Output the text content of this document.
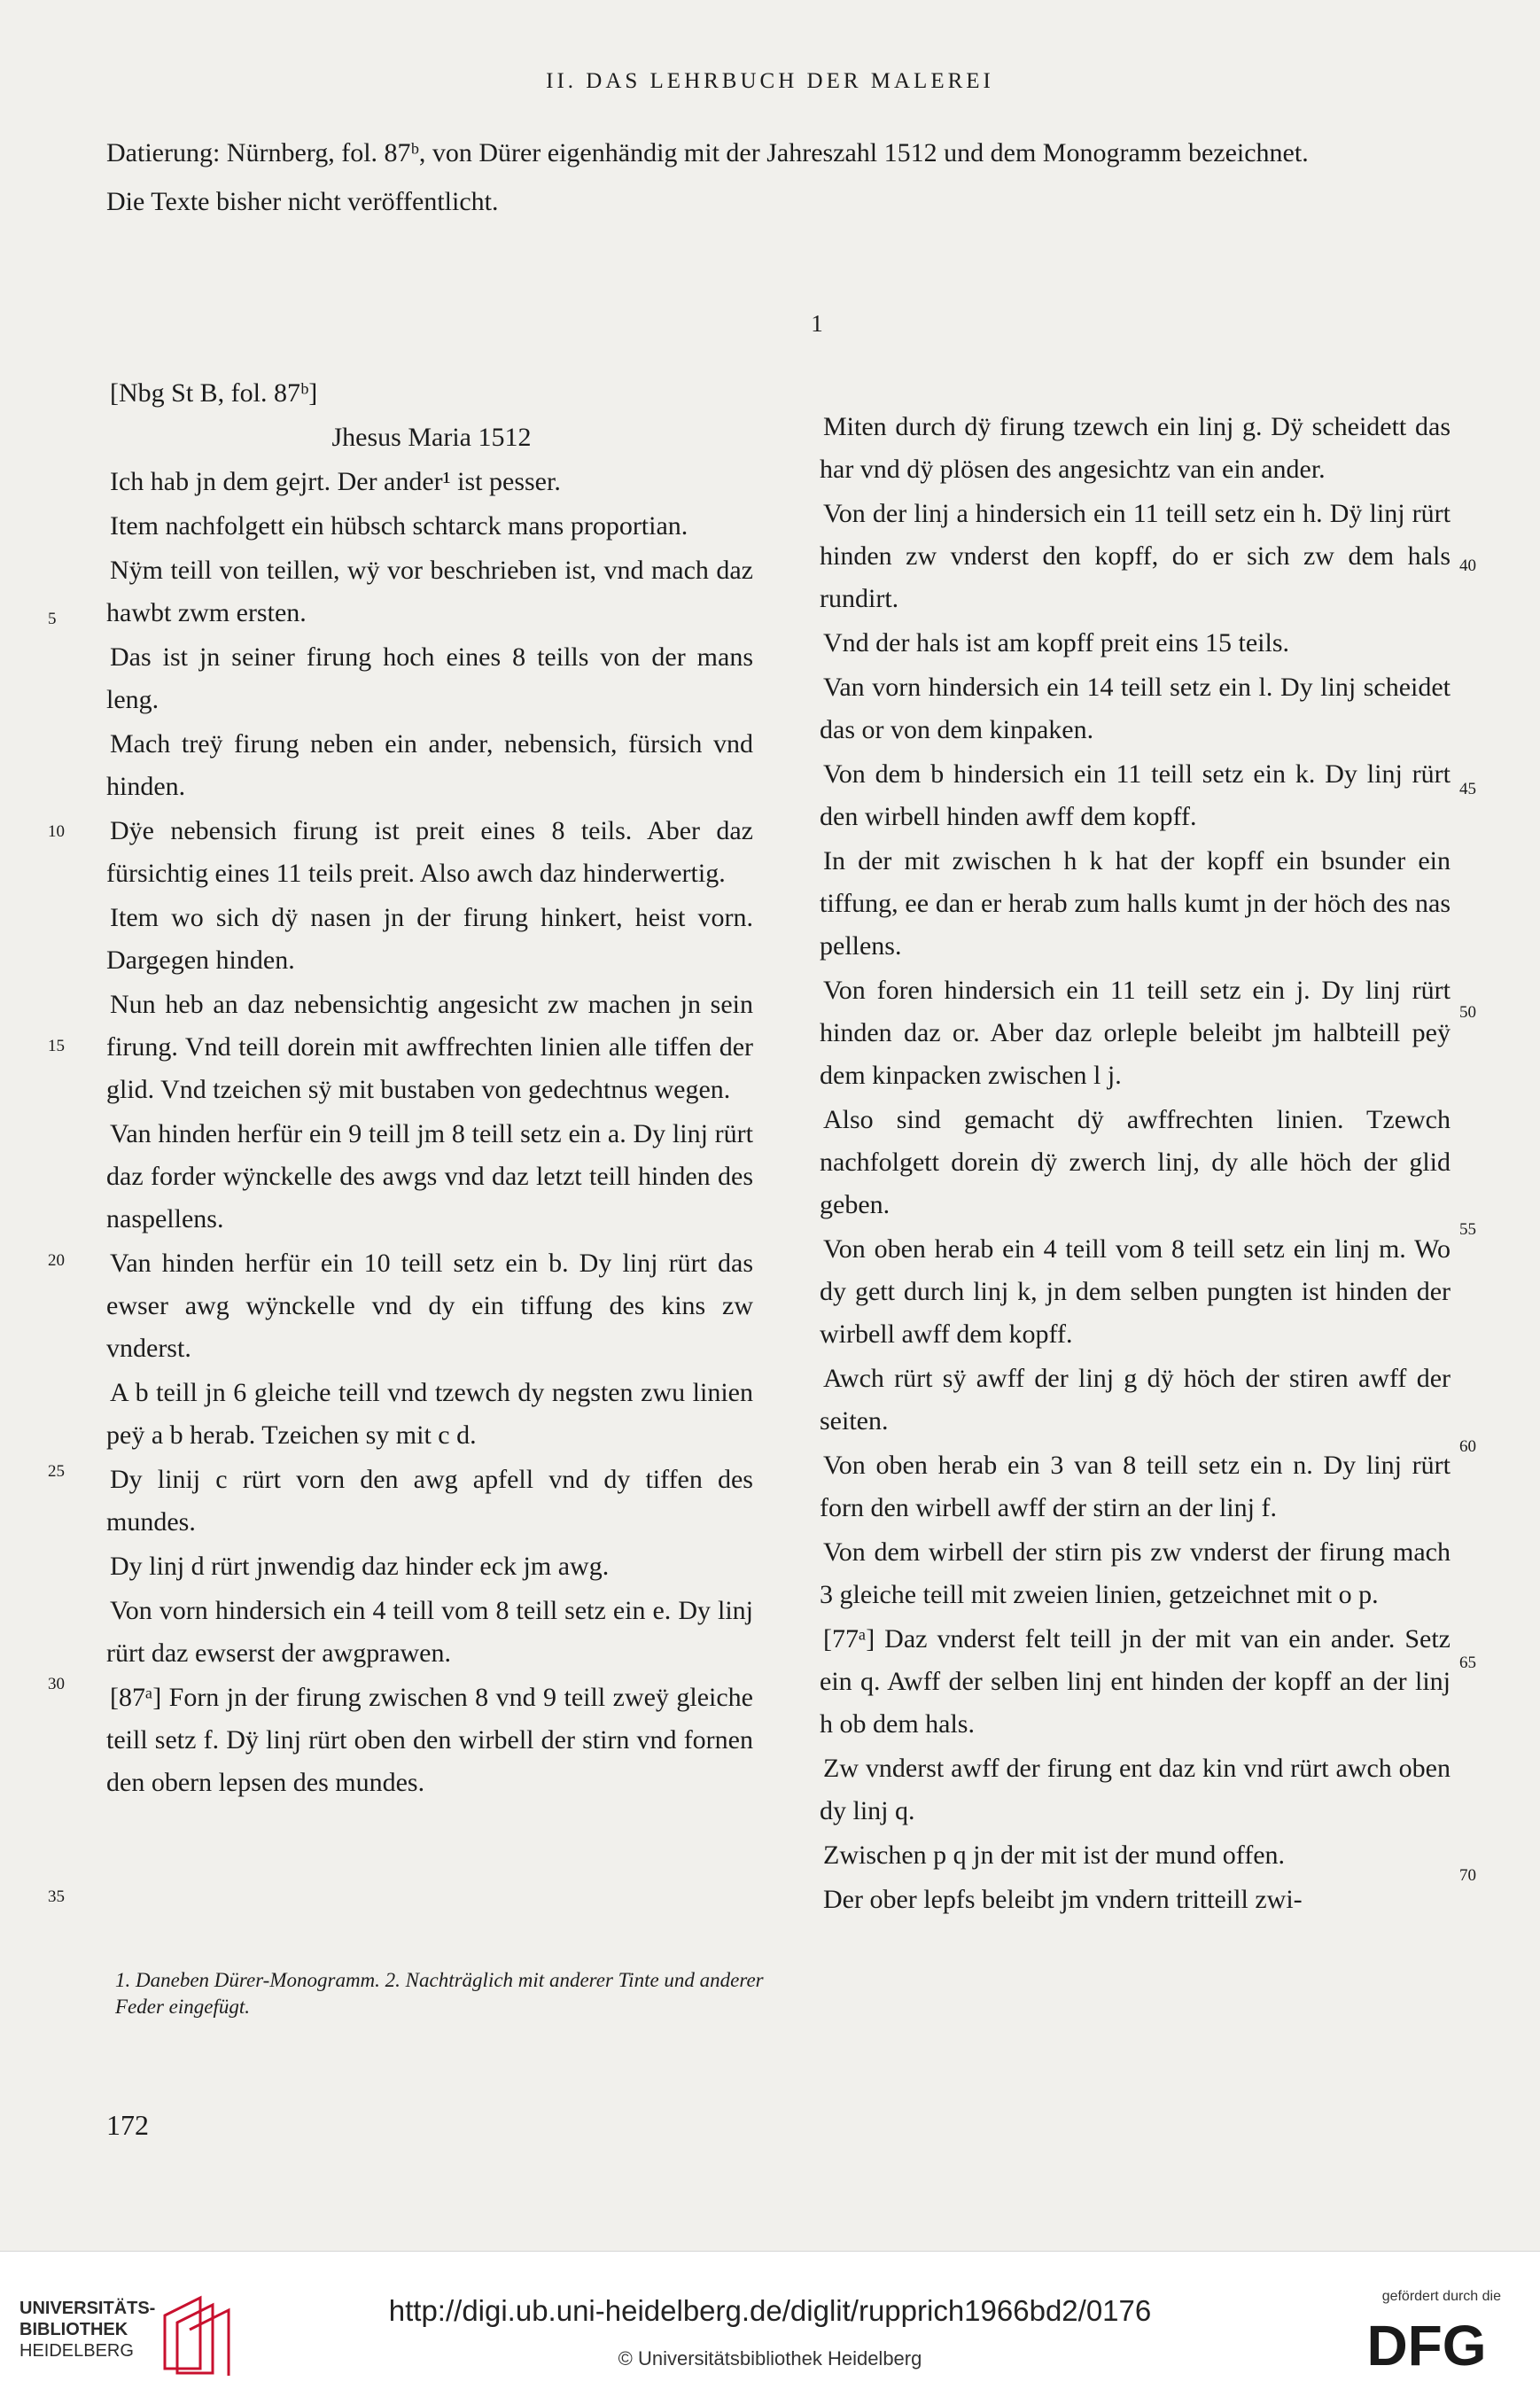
II. DAS LEHRBUCH DER MALEREI

Datierung: Nürnberg, fol. 87ᵇ, von Dürer eigenhändig mit der Jahreszahl 1512 und dem Monogramm bezeichnet.

Die Texte bisher nicht veröffentlicht.

1

[Nbg St B, fol. 87ᵇ]

Jhesus Maria 1512

Ich hab jn dem gejrt. Der ander¹ ist pesser.

Item nachfolgett ein hübsch schtarck mans proportian.

Nÿm teill von teillen, wÿ vor beschrieben ist, vnd mach daz hawbt zwm ersten.

Das ist jn seiner firung hoch eines 8 teills von der mans leng.

Mach treÿ firung neben ein ander, nebensich, fürsich vnd hinden.

Dÿe nebensich firung ist preit eines 8 teils. Aber daz fürsichtig eines 11 teils preit. Also awch daz hinderwertig.

Item wo sich dÿ nasen jn der firung hinkert, heist vorn. Dargegen hinden.

Nun heb an daz nebensichtig angesicht zw machen jn sein firung. Vnd teill dorein mit awffrechten linien alle tiffen der glid. Vnd tzeichen sÿ mit bustaben von gedechtnus wegen.

Van hinden herfür ein 9 teill jm 8 teill setz ein a. Dy linj rürt daz forder wÿnckelle des awgs vnd daz letzt teill hinden des naspellens.

Van hinden herfür ein 10 teill setz ein b. Dy linj rürt das ewser awg wÿnckelle vnd dy ein tiffung des kins zw vnderst.

A b teill jn 6 gleiche teill vnd tzewch dy negsten zwu linien peÿ a b herab. Tzeichen sy mit c d.

Dy linij c rürt vorn den awg apfell vnd dy tiffen des mundes.

Dy linj d rürt jnwendig daz hinder eck jm awg.

Von vorn hindersich ein 4 teill vom 8 teill setz ein e. Dy linj rürt daz ewserst der awgprawen.

[87ᵃ] Forn jn der firung zwischen 8 vnd 9 teill zweÿ gleiche teill setz f. Dÿ linj rürt oben den wirbell der stirn vnd fornen den obern lepsen des mundes.

Miten durch dÿ firung tzewch ein linj g. Dÿ scheidett das har vnd dÿ plösen des angesichtz van ein ander.

Von der linj a hindersich ein 11 teill setz ein h. Dÿ linj rürt hinden zw vnderst den kopff, do er sich zw dem hals rundirt.

Vnd der hals ist am kopff preit eins 15 teils.

Van vorn hindersich ein 14 teill setz ein l. Dy linj scheidet das or von dem kinpaken.

Von dem b hindersich ein 11 teill setz ein k. Dy linj rürt den wirbell hinden awff dem kopff.

In der mit zwischen h k hat der kopff ein bsunder ein tiffung, ee dan er herab zum halls kumt jn der höch des nas pellens.

Von foren hindersich ein 11 teill setz ein j. Dy linj rürt hinden daz or. Aber daz orleple beleibt jm halbteill peÿ dem kinpacken zwischen l j.

Also sind gemacht dÿ awffrechten linien. Tzewch nachfolgett dorein dÿ zwerch linj, dy alle höch der glid geben.

Von oben herab ein 4 teill vom 8 teill setz ein linj m. Wo dy gett durch linj k, jn dem selben pungten ist hinden der wirbell awff dem kopff.

Awch rürt sÿ awff der linj g dÿ höch der stiren awff der seiten.

Von oben herab ein 3 van 8 teill setz ein n. Dy linj rürt forn den wirbell awff der stirn an der linj f.

Von dem wirbell der stirn pis zw vnderst der firung mach 3 gleiche teill mit zweien linien, getzeichnet mit o p.

[77ᵃ] Daz vnderst felt teill jn der mit van ein ander. Setz ein q. Awff der selben linj ent hinden der kopff an der linj h ob dem hals.

Zw vnderst awff der firung ent daz kin vnd rürt awch oben dy linj q.

Zwischen p q jn der mit ist der mund offen.

Der ober lepfs beleibt jm vndern tritteill zwi-

5
10
15
20
25
30
35
40
45
50
55
60
65
70
1. Daneben Dürer-Monogramm. 2. Nachträglich mit anderer Tinte und anderer Feder eingefügt.
172
UNIVERSITÄTS-
BIBLIOTHEK
HEIDELBERG
http://digi.ub.uni-heidelberg.de/diglit/rupprich1966bd2/0176
© Universitätsbibliothek Heidelberg
gefördert durch die
DFG
